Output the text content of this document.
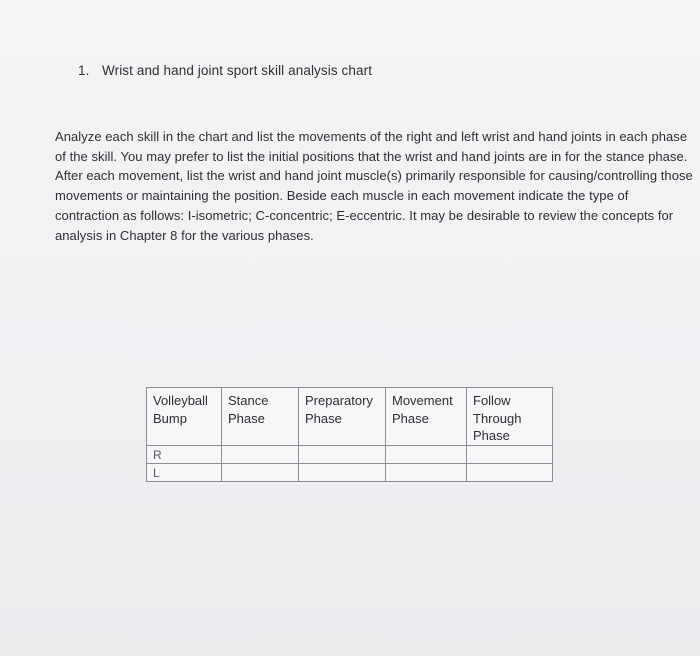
1. Wrist and hand joint sport skill analysis chart
Analyze each skill in the chart and list the movements of the right and left wrist and hand joints in each phase of the skill. You may prefer to list the initial positions that the wrist and hand joints are in for the stance phase. After each movement, list the wrist and hand joint muscle(s) primarily responsible for causing/controlling those movements or maintaining the position. Beside each muscle in each movement indicate the type of contraction as follows: I-isometric; C-concentric; E-eccentric. It may be desirable to review the concepts for analysis in Chapter 8 for the various phases.
Volleyball Bump	Stance Phase	Preparatory Phase	Movement Phase	Follow Through Phase
R				
L				
